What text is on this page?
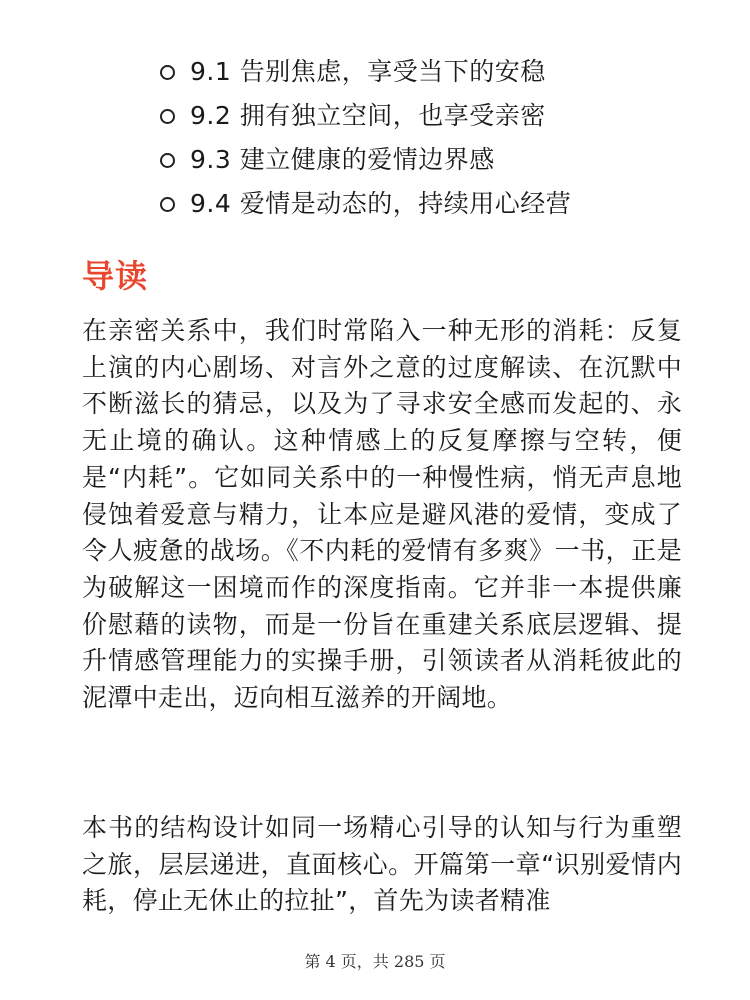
9.1 告别焦虑，享受当下的安稳
9.2 拥有独立空间，也享受亲密
9.3 建立健康的爱情边界感
9.4 爱情是动态的，持续用心经营
导读

在亲密关系中，我们时常陷入一种无形的消耗：反复上演的内心剧场、对言外之意的过度解读、在沉默中不断滋长的猜忌，以及为了寻求安全感而发起的、永无止境的确认。这种情感上的反复摩擦与空转，便是“内耗”。它如同关系中的一种慢性病，悄无声息地侵蚀着爱意与精力，让本应是避风港的爱情，变成了令人疲惫的战场。《不内耗的爱情有多爽》一书，正是为破解这一困境而作的深度指南。它并非一本提供廉价慰藉的读物，而是一份旨在重建关系底层逻辑、提升情感管理能力的实操手册，引领读者从消耗彼此的泥潭中走出，迈向相互滋养的开阔地。

本书的结构设计如同一场精心引导的认知与行为重塑之旅，层层递进，直面核心。开篇第一章“识别爱情内耗，停止无休止的拉扯”，首先为读者精准

第 4 页，共 285 页
